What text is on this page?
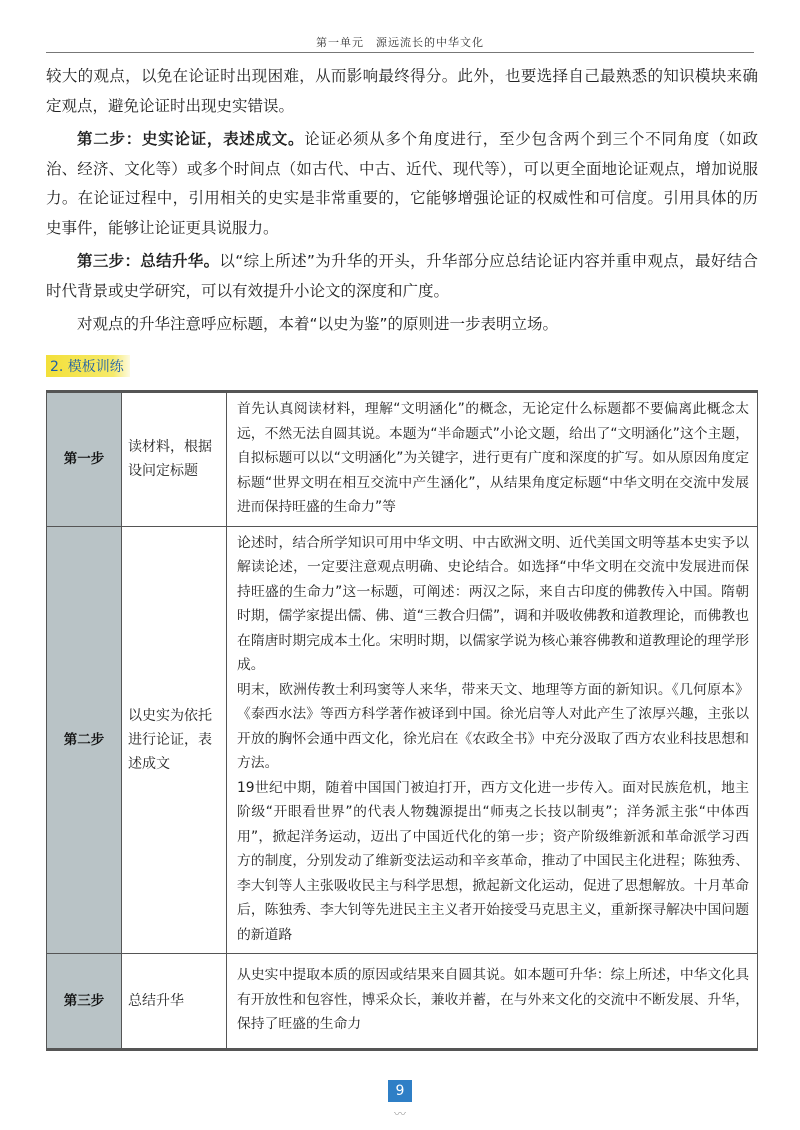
第一单元　源远流长的中华文化

较大的观点，以免在论证时出现困难，从而影响最终得分。此外，也要选择自己最熟悉的知识模块来确定观点，避免论证时出现史实错误。

第二步：史实论证，表述成文。论证必须从多个角度进行，至少包含两个到三个不同角度（如政治、经济、文化等）或多个时间点（如古代、中古、近代、现代等），可以更全面地论证观点，增加说服力。在论证过程中，引用相关的史实是非常重要的，它能够增强论证的权威性和可信度。引用具体的历史事件，能够让论证更具说服力。

第三步：总结升华。以“综上所述”为升华的开头，升华部分应总结论证内容并重申观点，最好结合时代背景或史学研究，可以有效提升小论文的深度和广度。

对观点的升华注意呼应标题，本着“以史为鉴”的原则进一步表明立场。

2. 模板训练
第一步	读材料，根据设问定标题	首先认真阅读材料，理解“文明涵化”的概念，无论定什么标题都不要偏离此概念太远，不然无法自圆其说。本题为“半命题式”小论文题，给出了“文明涵化”这个主题，自拟标题可以以“文明涵化”为关键字，进行更有广度和深度的扩写。如从原因角度定标题“世界文明在相互交流中产生涵化”，从结果角度定标题“中华文明在交流中发展进而保持旺盛的生命力”等
第二步	以史实为依托进行论证，表述成文	论述时，结合所学知识可用中华文明、中古欧洲文明、近代美国文明等基本史实予以解读论述，一定要注意观点明确、史论结合。如选择“中华文明在交流中发展进而保持旺盛的生命力”这一标题，可阐述：两汉之际，来自古印度的佛教传入中国。隋朝时期，儒学家提出儒、佛、道“三教合归儒”，调和并吸收佛教和道教理论，而佛教也在隋唐时期完成本土化。宋明时期，以儒家学说为核心兼容佛教和道教理论的理学形成。

明末，欧洲传教士利玛窦等人来华，带来天文、地理等方面的新知识。《几何原本》《泰西水法》等西方科学著作被译到中国。徐光启等人对此产生了浓厚兴趣，主张以开放的胸怀会通中西文化，徐光启在《农政全书》中充分汲取了西方农业科技思想和方法。

19世纪中期，随着中国国门被迫打开，西方文化进一步传入。面对民族危机，地主阶级“开眼看世界”的代表人物魏源提出“师夷之长技以制夷”；洋务派主张“中体西用”，掀起洋务运动，迈出了中国近代化的第一步；资产阶级维新派和革命派学习西方的制度，分别发动了维新变法运动和辛亥革命，推动了中国民主化进程；陈独秀、李大钊等人主张吸收民主与科学思想，掀起新文化运动，促进了思想解放。十月革命后，陈独秀、李大钊等先进民主主义者开始接受马克思主义，重新探寻解决中国问题的新道路

第三步	总结升华	从史实中提取本质的原因或结果来自圆其说。如本题可升华：综上所述，中华文化具有开放性和包容性，博采众长，兼收并蓄，在与外来文化的交流中不断发展、升华，保持了旺盛的生命力
9
〰
